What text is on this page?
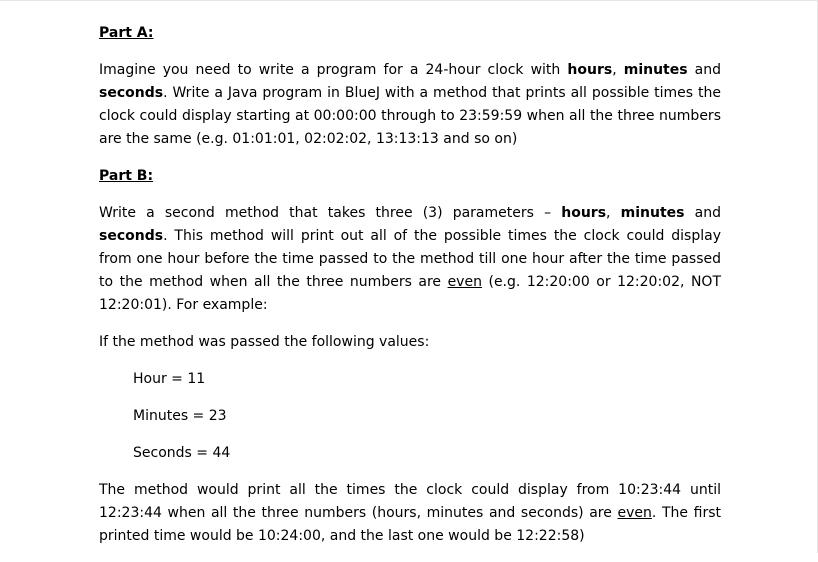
Part A:

Imagine you need to write a program for a 24-hour clock with hours, minutes and seconds. Write a Java program in BlueJ with a method that prints all possible times the clock could display starting at 00:00:00 through to 23:59:59 when all the three numbers are the same (e.g. 01:01:01, 02:02:02, 13:13:13 and so on)

Part B:

Write a second method that takes three (3) parameters – hours, minutes and seconds. This method will print out all of the possible times the clock could display from one hour before the time passed to the method till one hour after the time passed to the method when all the three numbers are even (e.g. 12:20:00 or 12:20:02, NOT 12:20:01). For example:

If the method was passed the following values:

Hour = 11
Minutes = 23
Seconds = 44

The method would print all the times the clock could display from 10:23:44 until 12:23:44 when all the three numbers (hours, minutes and seconds) are even. The first printed time would be 10:24:00, and the last one would be 12:22:58)
